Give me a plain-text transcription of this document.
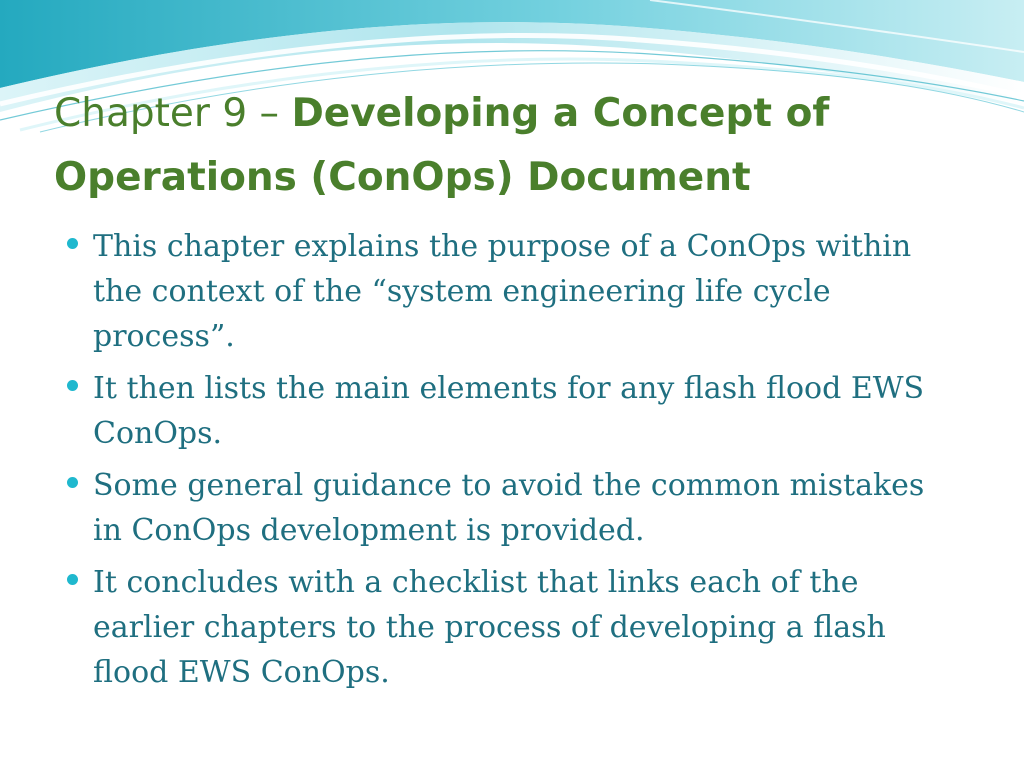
Chapter 9 – Developing a Concept of Operations (ConOps) Document
This chapter explains the purpose of a ConOps within the context of the “system engineering life cycle process”.
It then lists the main elements for any flash flood EWS ConOps.
Some general guidance to avoid the common mistakes in ConOps development is provided.
It concludes with a checklist that links each of the earlier chapters to the process of developing a flash flood EWS ConOps.
